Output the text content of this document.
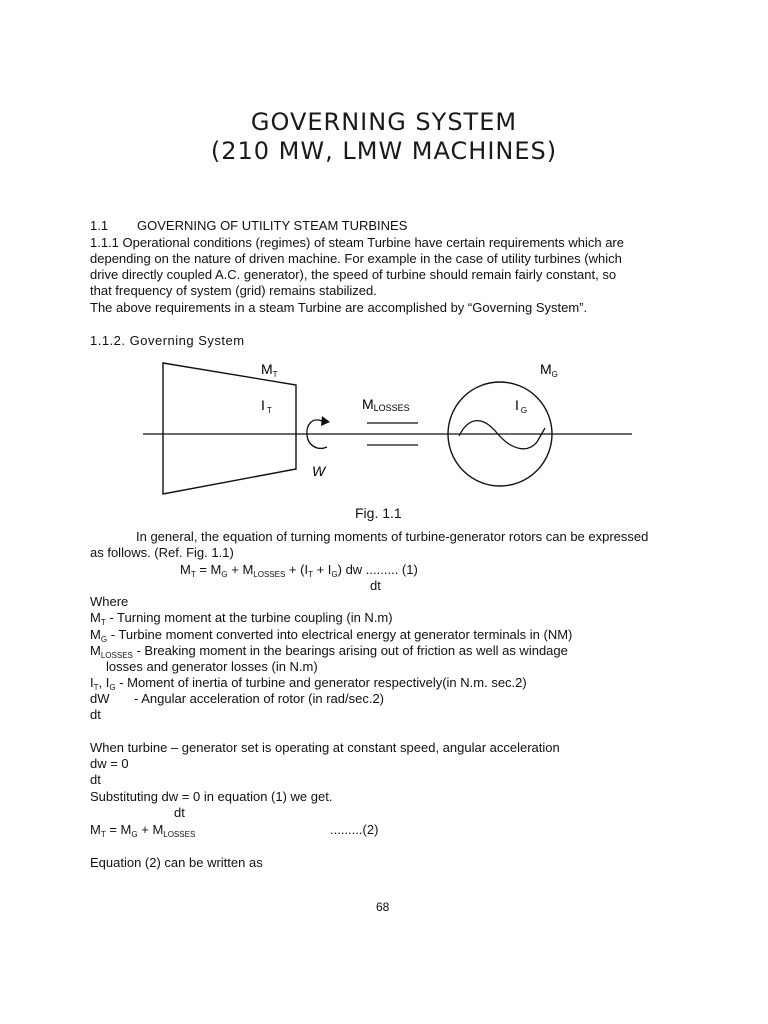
GOVERNING SYSTEM
(210 MW, LMW MACHINES)
1.1 GOVERNING OF UTILITY STEAM TURBINES
1.1.1 Operational conditions (regimes) of steam Turbine have certain requirements which are
depending on the nature of driven machine. For example in the case of utility turbines (which
drive directly coupled A.C. generator), the speed of turbine should remain fairly constant, so
that frequency of system (grid) remains stabilized.
The above requirements in a steam Turbine are accomplished by “Governing System”.
1.1.2. Governing System
$M_T$
I $_T$	MLOSSES
$M_G$
I $_G$
W
Fig. 1.1
In general, the equation of turning moments of turbine-generator rotors can be expressed
as follows. (Ref. Fig. 1.1)
$M_T = M_G + M_{LOSSES} + (I_T + I_G)$ dw ......... (1)
dt
Where
$M_T$ - Turning moment at the turbine coupling (in N.m)
$M_G$ - Turbine moment converted into electrical energy at generator terminals in (NM)
$M_{LOSSES}$ - Breaking moment in the bearings arising out of friction as well as windage
losses and generator losses (in N.m)
$I_T$, $I_G$ - Moment of inertia of turbine and generator respectively(in N.m. sec.2)
dW - Angular acceleration of rotor (in rad/sec.2)
dt
When turbine – generator set is operating at constant speed, angular acceleration
dw = 0
dt
Substituting dw = 0 in equation (1) we get.
dt
$M_T = M_G + M_{LOSSES}$	.........(2)
Equation (2) can be written as
68
